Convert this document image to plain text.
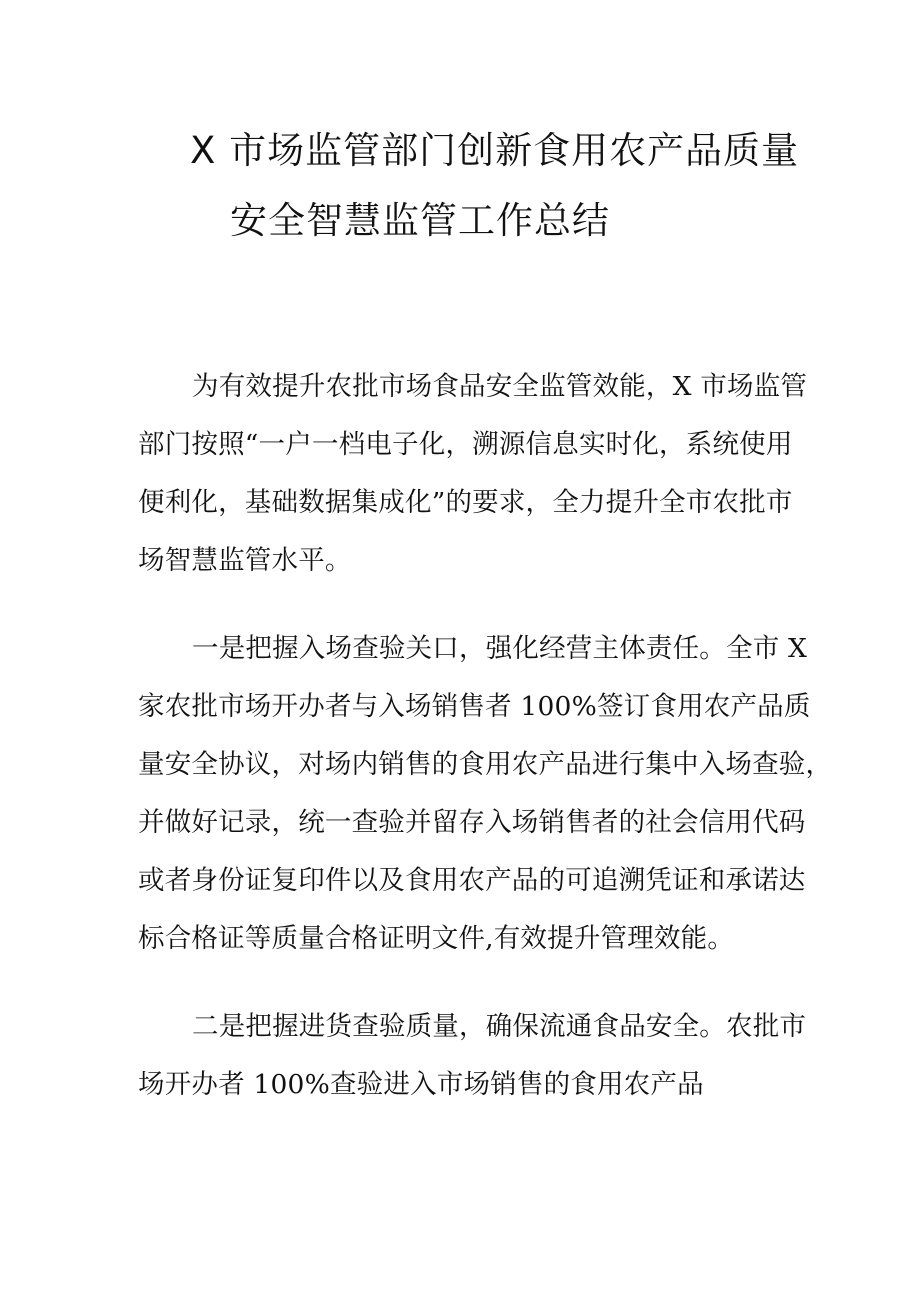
X 市场监管部门创新食用农产品质量
安全智慧监管工作总结
为有效提升农批市场食品安全监管效能，X 市场监管
部门按照“一户一档电子化，溯源信息实时化，系统使用
便利化，基础数据集成化”的要求，全力提升全市农批市
场智慧监管水平。
一是把握入场查验关口，强化经营主体责任。全市 X
家农批市场开办者与入场销售者 100%签订食用农产品质
量安全协议，对场内销售的食用农产品进行集中入场查验，
并做好记录，统一查验并留存入场销售者的社会信用代码
或者身份证复印件以及食用农产品的可追溯凭证和承诺达
标合格证等质量合格证明文件,有效提升管理效能。
二是把握进货查验质量，确保流通食品安全。农批市
场开办者 100%查验进入市场销售的食用农产品
